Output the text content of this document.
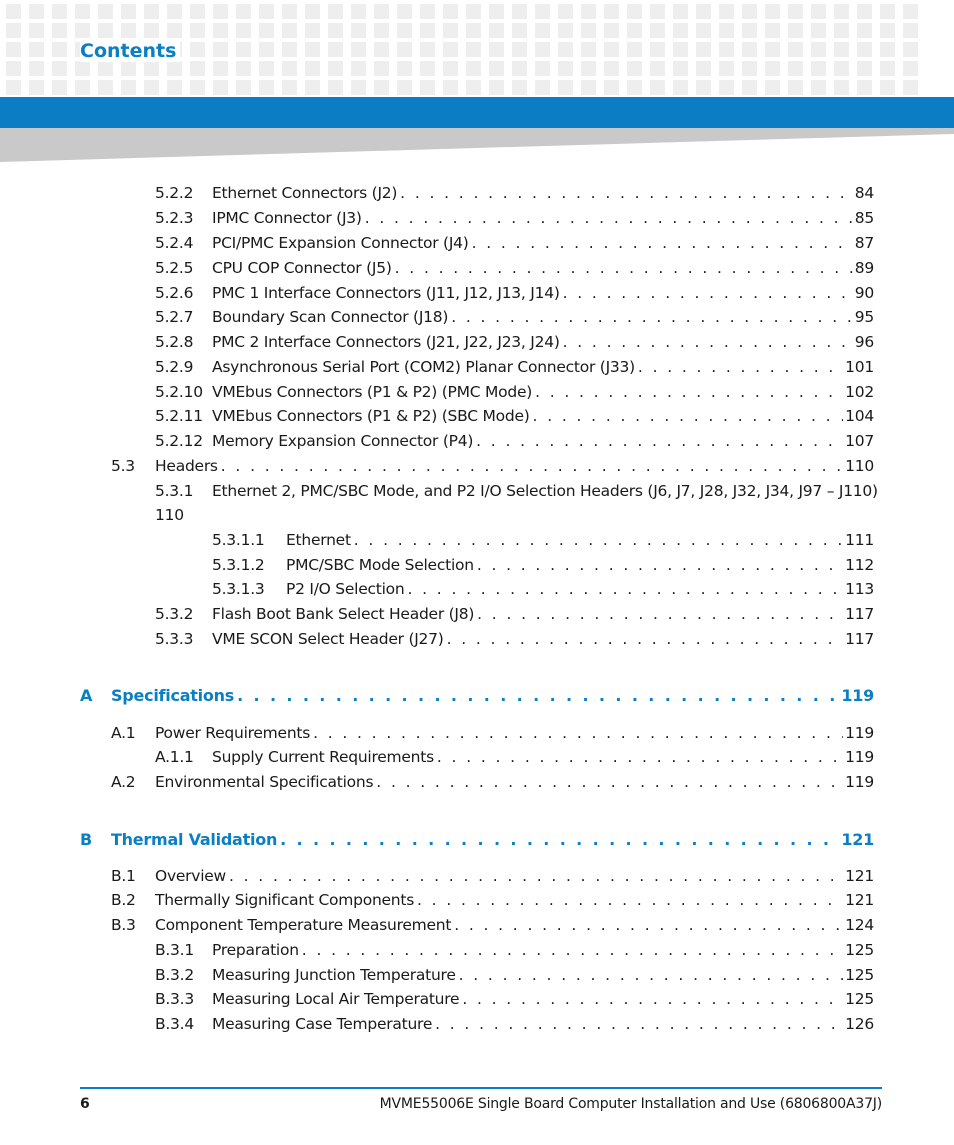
Contents
5.2.2	Ethernet Connectors (J2) . . .	84
5.2.3	IPMC Connector (J3) . . .	85
5.2.4	PCI/PMC Expansion Connector (J4) . . .	87
5.2.5	CPU COP Connector (J5) . . .	89
5.2.6	PMC 1 Interface Connectors (J11, J12, J13, J14) . . .	90
5.2.7	Boundary Scan Connector (J18) . . .	95
5.2.8	PMC 2 Interface Connectors (J21, J22, J23, J24) . . .	96
5.2.9	Asynchronous Serial Port (COM2) Planar Connector (J33) . . .	101
5.2.10 VMEbus Connectors (P1 & P2) (PMC Mode) . . .	102
5.2.11 VMEbus Connectors (P1 & P2) (SBC Mode) . . .	104
5.2.12 Memory Expansion Connector (P4) . . .	107
5.3	Headers . . .	110
5.3.1	Ethernet 2, PMC/SBC Mode, and P2 I/O Selection Headers (J6, J7, J28, J32, J34, J97 – J110)
110
5.3.1.1	Ethernet . . .	111
5.3.1.2	PMC/SBC Mode Selection . . .	112
5.3.1.3	P2 I/O Selection . . .	113
5.3.2	Flash Boot Bank Select Header (J8) . . .	117
5.3.3	VME SCON Select Header (J27) . . .	117
A	Specifications . . .	119
A.1	Power Requirements . . .	119
A.1.1	Supply Current Requirements . . .	119
A.2	Environmental Specifications . . .	119
B	Thermal Validation . . .	121
B.1	Overview . . .	121
B.2	Thermally Significant Components . . .	121
B.3	Component Temperature Measurement . . .	124
B.3.1	Preparation . . .	125
B.3.2	Measuring Junction Temperature . . .	125
B.3.3	Measuring Local Air Temperature . . .	125
B.3.4	Measuring Case Temperature . . .	126
6	MVME55006E Single Board Computer Installation and Use (6806800A37J)
